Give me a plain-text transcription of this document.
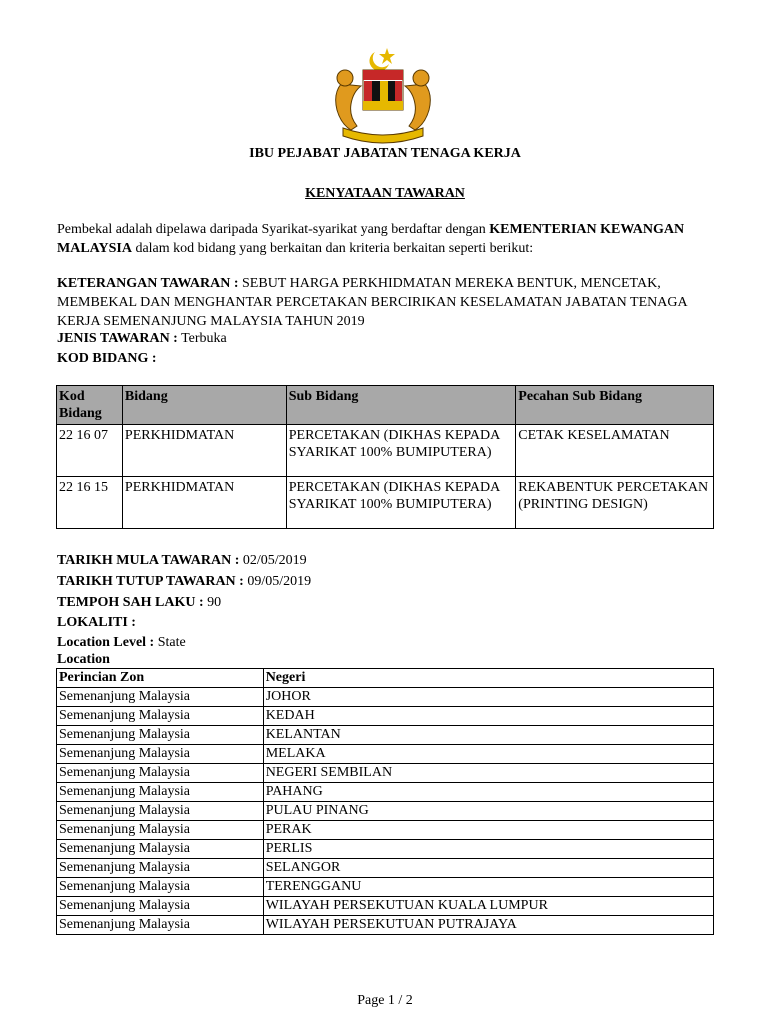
IBU PEJABAT JABATAN TENAGA KERJA
KENYATAAN TAWARAN
Pembekal adalah dipelawa daripada Syarikat-syarikat yang berdaftar dengan KEMENTERIAN KEWANGAN MALAYSIA dalam kod bidang yang berkaitan dan kriteria berkaitan seperti berikut:
KETERANGAN TAWARAN : SEBUT HARGA PERKHIDMATAN MEREKA BENTUK, MENCETAK, MEMBEKAL DAN MENGHANTAR PERCETAKAN BERCIRIKAN KESELAMATAN JABATAN TENAGA KERJA SEMENANJUNG MALAYSIA TAHUN 2019
JENIS TAWARAN : Terbuka
KOD BIDANG :
Kod Bidang	Bidang	Sub Bidang	Pecahan Sub Bidang
22 16 07	PERKHIDMATAN	PERCETAKAN (DIKHAS KEPADA SYARIKAT 100% BUMIPUTERA)	CETAK KESELAMATAN
22 16 15	PERKHIDMATAN	PERCETAKAN (DIKHAS KEPADA SYARIKAT 100% BUMIPUTERA)	REKABENTUK PERCETAKAN (PRINTING DESIGN)
TARIKH MULA TAWARAN : 02/05/2019
TARIKH TUTUP TAWARAN : 09/05/2019
TEMPOH SAH LAKU : 90
LOKALITI :
Location Level : State
Location
Perincian Zon	Negeri
Semenanjung Malaysia	JOHOR
Semenanjung Malaysia	KEDAH
Semenanjung Malaysia	KELANTAN
Semenanjung Malaysia	MELAKA
Semenanjung Malaysia	NEGERI SEMBILAN
Semenanjung Malaysia	PAHANG
Semenanjung Malaysia	PULAU PINANG
Semenanjung Malaysia	PERAK
Semenanjung Malaysia	PERLIS
Semenanjung Malaysia	SELANGOR
Semenanjung Malaysia	TERENGGANU
Semenanjung Malaysia	WILAYAH PERSEKUTUAN KUALA LUMPUR
Semenanjung Malaysia	WILAYAH PERSEKUTUAN PUTRAJAYA
Page 1 / 2
